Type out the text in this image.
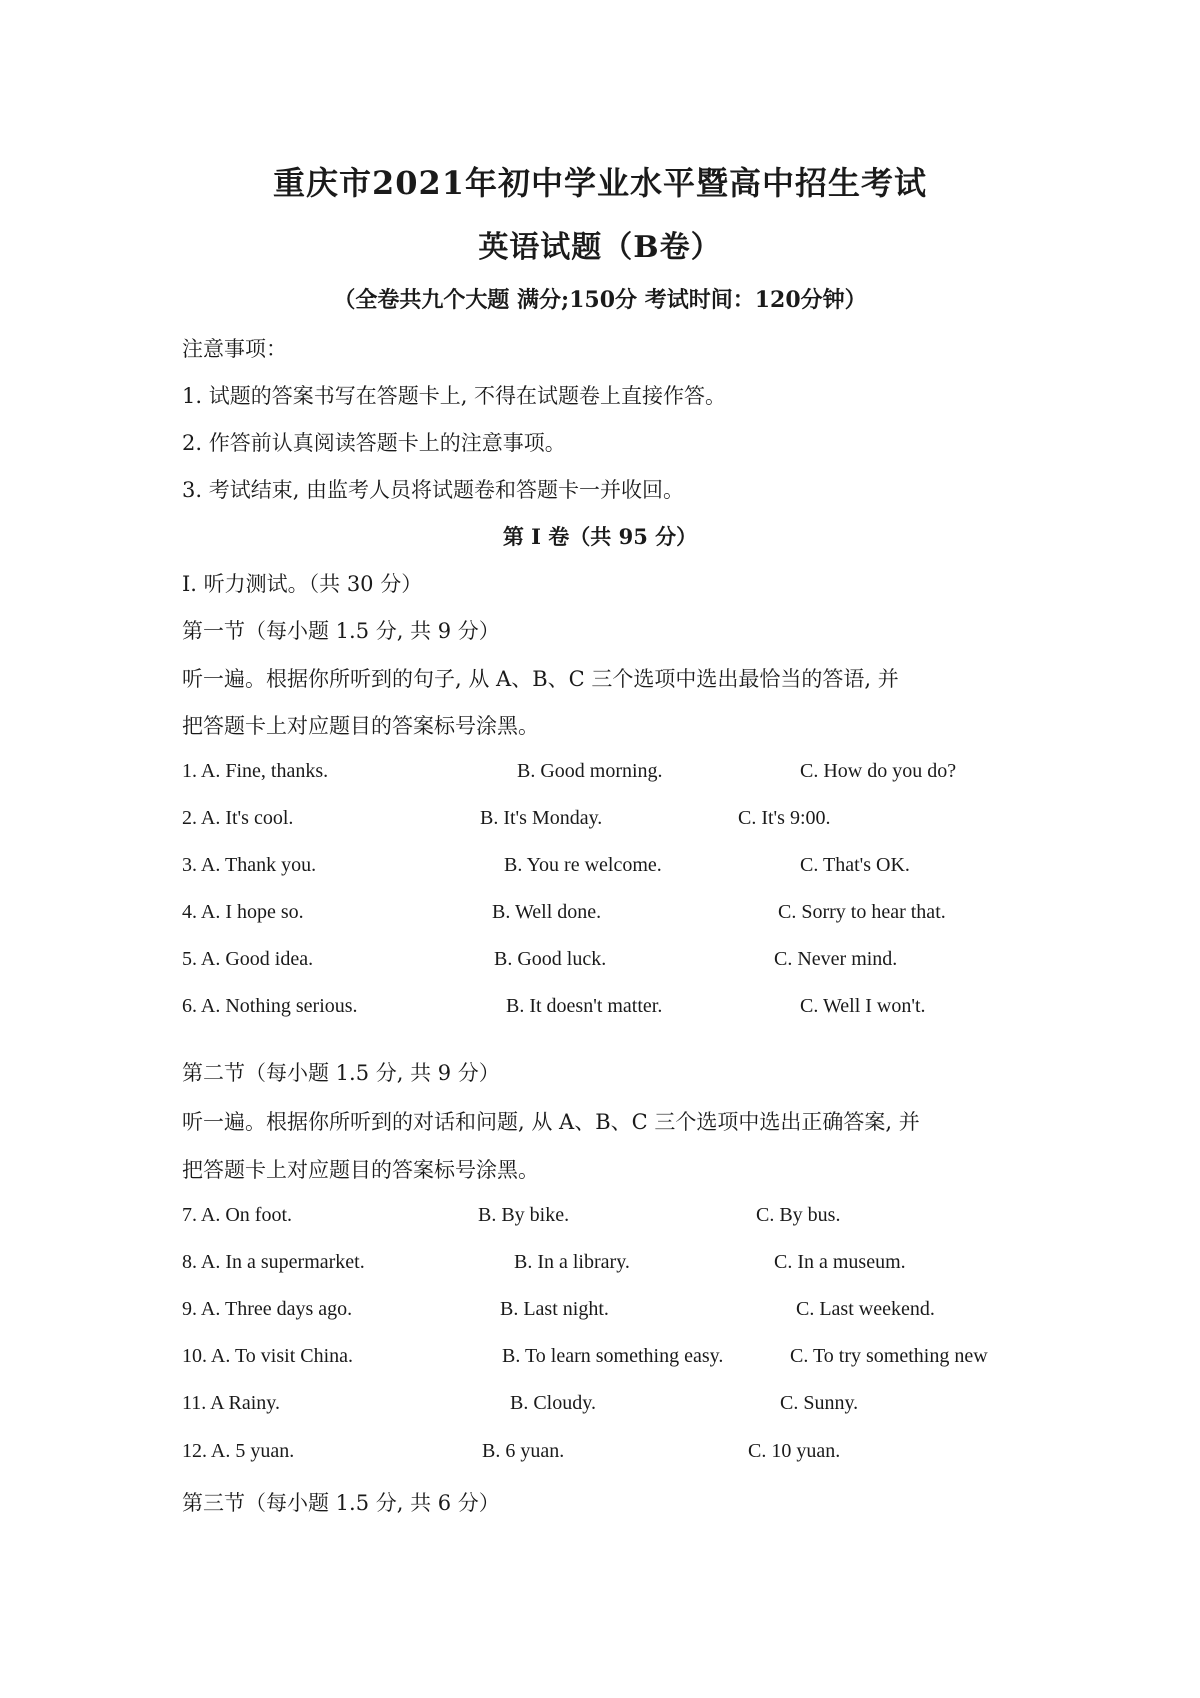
重庆市2021年初中学业水平暨高中招生考试
英语试题（B卷）
（全卷共九个大题 满分;150分 考试时间：120分钟）
注意事项：
1. 试题的答案书写在答题卡上, 不得在试题卷上直接作答。
2. 作答前认真阅读答题卡上的注意事项。
3. 考试结束, 由监考人员将试题卷和答题卡一并收回。
第 I 卷（共 95 分）
I. 听力测试。（共 30 分）
第一节（每小题 1.5 分, 共 9 分）
听一遍。根据你所听到的句子, 从 A、B、C 三个选项中选出最恰当的答语, 并
把答题卡上对应题目的答案标号涂黑。
1. A. Fine, thanks.	B. Good morning.	C. How do you do?
2. A. It's cool.	B. It's Monday.	C. It's 9:00.
3. A. Thank you.	B. You re welcome.	C. That's OK.
4. A. I hope so.	B. Well done.	C. Sorry to hear that.
5. A. Good idea.	B. Good luck.	C. Never mind.
6. A. Nothing serious.	B. It doesn't matter.	C. Well I won't.
第二节（每小题 1.5 分, 共 9 分）
听一遍。根据你所听到的对话和问题, 从 A、B、C 三个选项中选出正确答案, 并
把答题卡上对应题目的答案标号涂黑。
7. A. On foot.	B. By bike.	C. By bus.
8. A. In a supermarket.	B. In a library.	C. In a museum.
9. A. Three days ago.	B. Last night.	C. Last weekend.
10. A. To visit China.	B. To learn something easy.	C. To try something new
11. A Rainy.	B. Cloudy.	C. Sunny.
12. A. 5 yuan.	B. 6 yuan.	C. 10 yuan.
第三节（每小题 1.5 分, 共 6 分）
